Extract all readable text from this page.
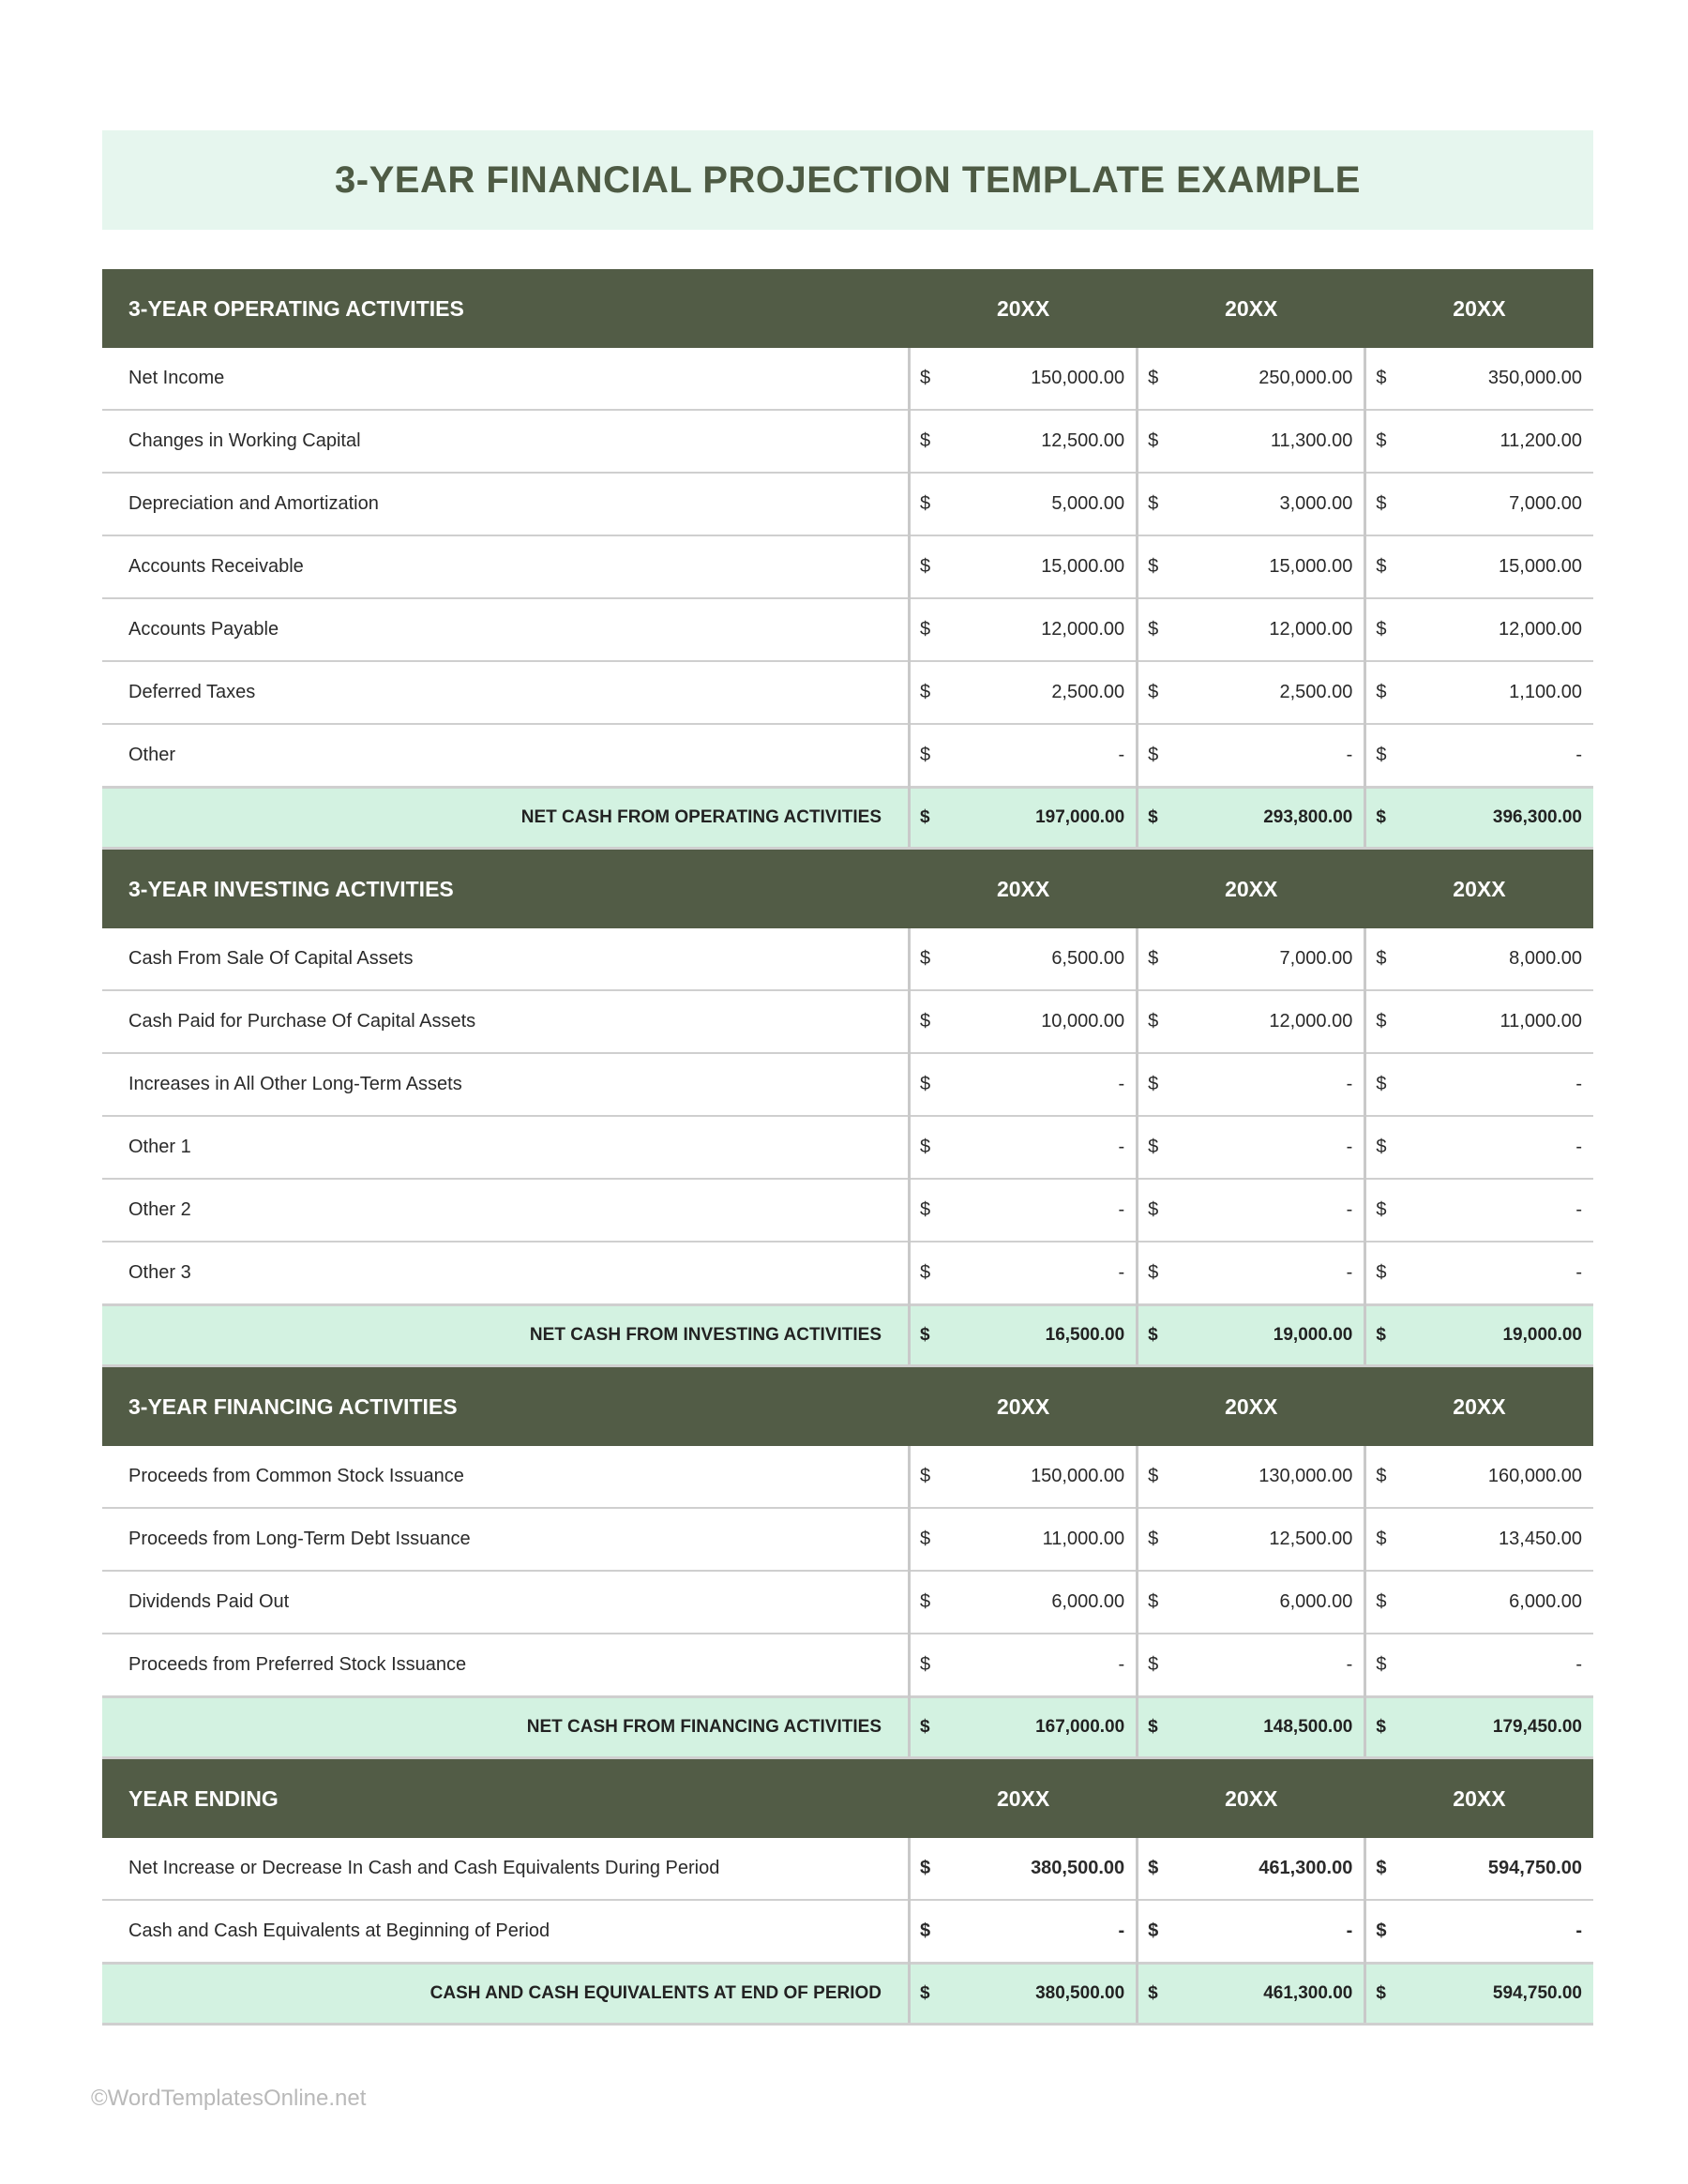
3-YEAR FINANCIAL PROJECTION TEMPLATE EXAMPLE
3-YEAR OPERATING ACTIVITIES	20XX		20XX		20XX	
Net Income	$	150,000.00	$	250,000.00	$	350,000.00
Changes in Working Capital	$	12,500.00	$	11,300.00	$	11,200.00
Depreciation and Amortization	$	5,000.00	$	3,000.00	$	7,000.00
Accounts Receivable	$	15,000.00	$	15,000.00	$	15,000.00
Accounts Payable	$	12,000.00	$	12,000.00	$	12,000.00
Deferred Taxes	$	2,500.00	$	2,500.00	$	1,100.00
Other	$	-	$	-	$	-
NET CASH FROM OPERATING ACTIVITIES	$	197,000.00	$	293,800.00	$	396,300.00
3-YEAR INVESTING ACTIVITIES	20XX		20XX		20XX	
Cash From Sale Of Capital Assets	$	6,500.00	$	7,000.00	$	8,000.00
Cash Paid for Purchase Of Capital Assets	$	10,000.00	$	12,000.00	$	11,000.00
Increases in All Other Long-Term Assets	$	-	$	-	$	-
Other 1	$	-	$	-	$	-
Other 2	$	-	$	-	$	-
Other 3	$	-	$	-	$	-
NET CASH FROM INVESTING ACTIVITIES	$	16,500.00	$	19,000.00	$	19,000.00
3-YEAR FINANCING ACTIVITIES	20XX		20XX		20XX	
Proceeds from Common Stock Issuance	$	150,000.00	$	130,000.00	$	160,000.00
Proceeds from Long-Term Debt Issuance	$	11,000.00	$	12,500.00	$	13,450.00
Dividends Paid Out	$	6,000.00	$	6,000.00	$	6,000.00
Proceeds from Preferred Stock Issuance	$	-	$	-	$	-
NET CASH FROM FINANCING ACTIVITIES	$	167,000.00	$	148,500.00	$	179,450.00
YEAR ENDING	20XX		20XX		20XX	
Net Increase or Decrease In Cash and Cash Equivalents During Period	$	380,500.00	$	461,300.00	$	594,750.00
Cash and Cash Equivalents at Beginning of Period	$	-	$	-	$	-
CASH AND CASH EQUIVALENTS AT END OF PERIOD	$	380,500.00	$	461,300.00	$	594,750.00
©WordTemplatesOnline.net
